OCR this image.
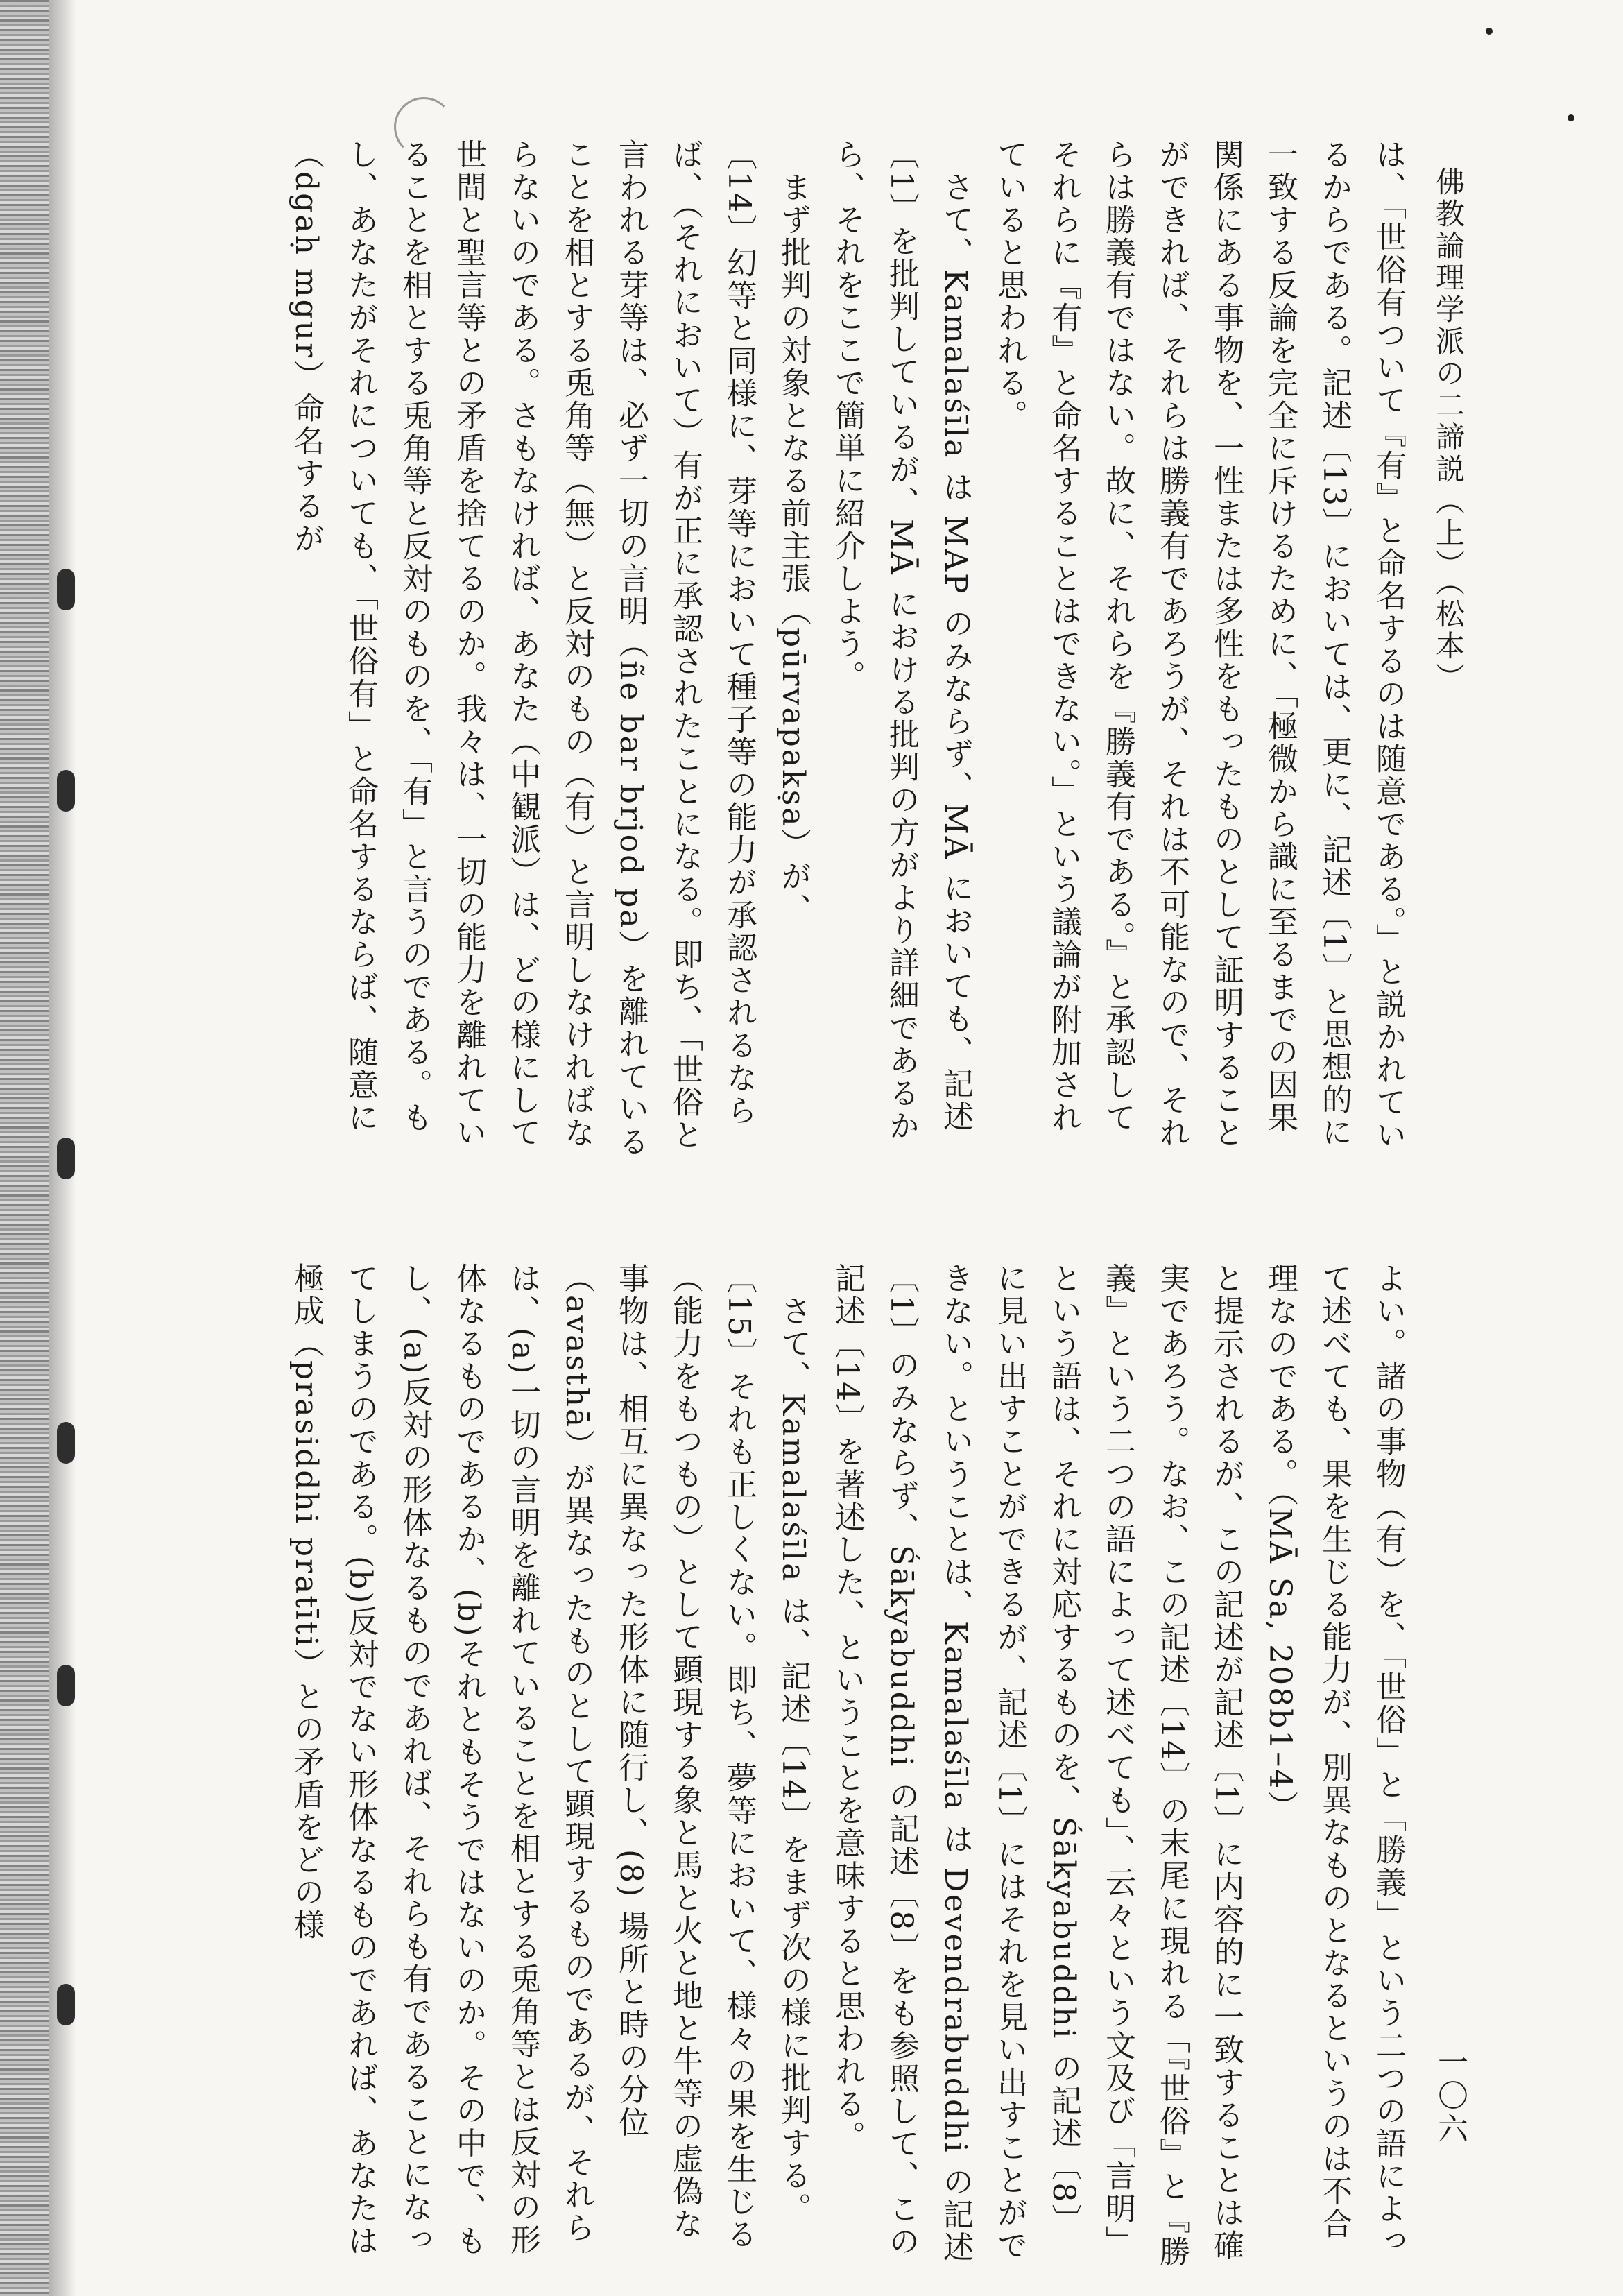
佛教論理学派の二諦説（上）（松本）
は、「世俗有ついて『有』と命名するのは随意である。」と説かれているからである。記述〔13〕においては、更に、記述〔1〕と思想的に一致する反論を完全に斥けるために、「極微から識に至るまでの因果関係にある事物を、一性または多性をもったものとして証明することができれば、それらは勝義有であろうが、それは不可能なので、それらは勝義有ではない。故に、それらを『勝義有である。』と承認してそれらに『有』と命名することはできない。」という議論が附加されていると思われる。
　さて、Kamalaśīla は MAP のみならず、MĀ においても、記述〔1〕を批判しているが、MĀ における批判の方がより詳細であるから、それをここで簡単に紹介しよう。
　まず批判の対象となる前主張（pūrvapakṣa）が、
〔14〕幻等と同様に、芽等において種子等の能力が承認されるならば、（それにおいて）有が正に承認されたことになる。即ち、「世俗と言われる芽等は、必ず一切の言明（ñe bar brjod pa）を離れていることを相とする兎角等（無）と反対のもの（有）と言明しなければならないのである。さもなければ、あなた（中観派）は、どの様にして世間と聖言等との矛盾を捨てるのか。我々は、一切の能力を離れていることを相とする兎角等と反対のものを、「有」と言うのである。もし、あなたがそれについても、「世俗有」と命名するならば、随意に（dgaḥ mgur）命名するが
よい。諸の事物（有）を、「世俗」と「勝義」という二つの語によって述べても、果を生じる能力が、別異なものとなるというのは不合理なのである。（MĀ Sa, 208b1–4）
と提示されるが、この記述が記述〔1〕に内容的に一致することは確実であろう。なお、この記述〔14〕の末尾に現れる「『世俗』と『勝義』という二つの語によって述べても」、云々という文及び「言明」という語は、それに対応するものを、Śākyabuddhi の記述〔8〕に見い出すことができるが、記述〔1〕にはそれを見い出すことができない。ということは、Kamalaśīla は Devendrabuddhi の記述〔1〕のみならず、Śākyabuddhi の記述〔8〕をも参照して、この記述〔14〕を著述した、ということを意味すると思われる。
　さて、Kamalaśīla は、記述〔14〕をまず次の様に批判する。
〔15〕それも正しくない。即ち、夢等において、様々の果を生じる（能力をもつもの）として顕現する象と馬と火と地と牛等の虚偽な事物は、相互に異なった形体に随行し、(8) 場所と時の分位（avasthā）が異なったものとして顕現するものであるが、それらは、(a)一切の言明を離れていることを相とする兎角等とは反対の形体なるものであるか、(b)それともそうではないのか。その中で、もし、(a)反対の形体なるものであれば、それらも有であることになってしまうのである。(b)反対でない形体なるものであれば、あなたは極成（prasiddhi pratīti）との矛盾をどの様
一〇六
